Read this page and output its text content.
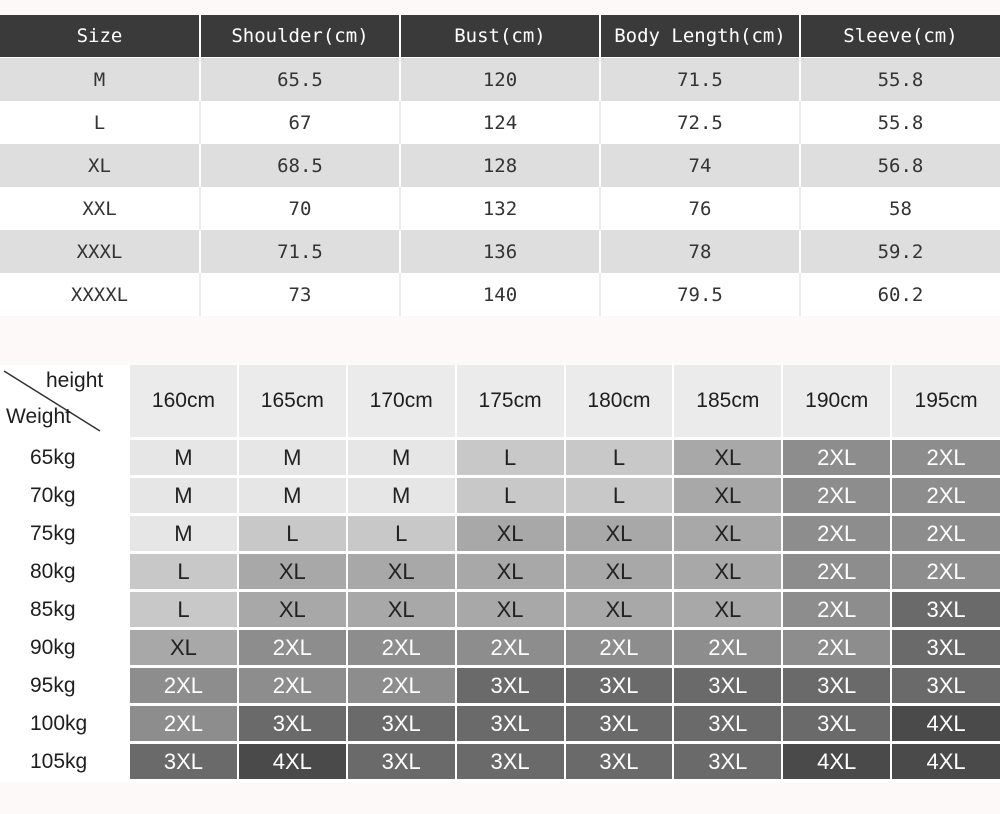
Size	Shoulder(cm)	Bust(cm)	Body Length(cm)	Sleeve(cm)
M	65.5	120	71.5	55.8
L	67	124	72.5	55.8
XL	68.5	128	74	56.8
XXL	70	132	76	58
XXXL	71.5	136	78	59.2
XXXXL	73	140	79.5	60.2
height
Weight	160cm	165cm	170cm	175cm	180cm	185cm	190cm	195cm
65kg	M	M	M	L	L	XL	2XL	2XL
70kg	M	M	M	L	L	XL	2XL	2XL
75kg	M	L	L	XL	XL	XL	2XL	2XL
80kg	L	XL	XL	XL	XL	XL	2XL	2XL
85kg	L	XL	XL	XL	XL	XL	2XL	3XL
90kg	XL	2XL	2XL	2XL	2XL	2XL	2XL	3XL
95kg	2XL	2XL	2XL	3XL	3XL	3XL	3XL	3XL
100kg	2XL	3XL	3XL	3XL	3XL	3XL	3XL	4XL
105kg	3XL	4XL	3XL	3XL	3XL	3XL	4XL	4XL
